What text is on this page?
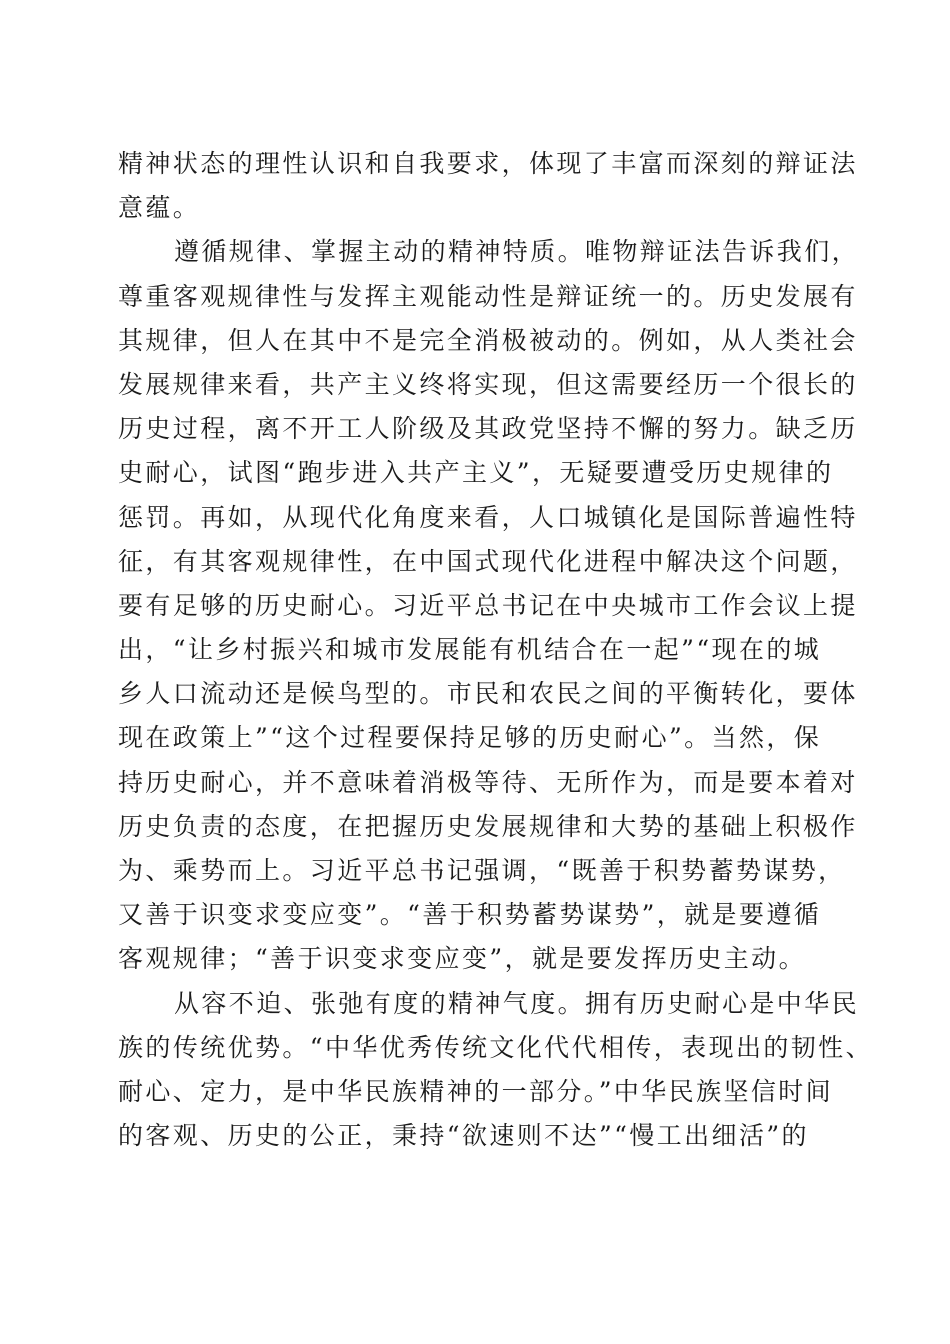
精神状态的理性认识和自我要求，体现了丰富而深刻的辩证法
意蕴。
遵循规律、掌握主动的精神特质。唯物辩证法告诉我们，
尊重客观规律性与发挥主观能动性是辩证统一的。历史发展有
其规律，但人在其中不是完全消极被动的。例如，从人类社会
发展规律来看，共产主义终将实现，但这需要经历一个很长的
历史过程，离不开工人阶级及其政党坚持不懈的努力。缺乏历
史耐心，试图“跑步进入共产主义”，无疑要遭受历史规律的
惩罚。再如，从现代化角度来看，人口城镇化是国际普遍性特
征，有其客观规律性，在中国式现代化进程中解决这个问题，
要有足够的历史耐心。习近平总书记在中央城市工作会议上提
出，“让乡村振兴和城市发展能有机结合在一起”“现在的城
乡人口流动还是候鸟型的。市民和农民之间的平衡转化，要体
现在政策上”“这个过程要保持足够的历史耐心”。当然，保
持历史耐心，并不意味着消极等待、无所作为，而是要本着对
历史负责的态度，在把握历史发展规律和大势的基础上积极作
为、乘势而上。习近平总书记强调，“既善于积势蓄势谋势，
又善于识变求变应变”。“善于积势蓄势谋势”，就是要遵循
客观规律；“善于识变求变应变”，就是要发挥历史主动。
从容不迫、张弛有度的精神气度。拥有历史耐心是中华民
族的传统优势。“中华优秀传统文化代代相传，表现出的韧性、
耐心、定力，是中华民族精神的一部分。”中华民族坚信时间
的客观、历史的公正，秉持“欲速则不达”“慢工出细活”的
